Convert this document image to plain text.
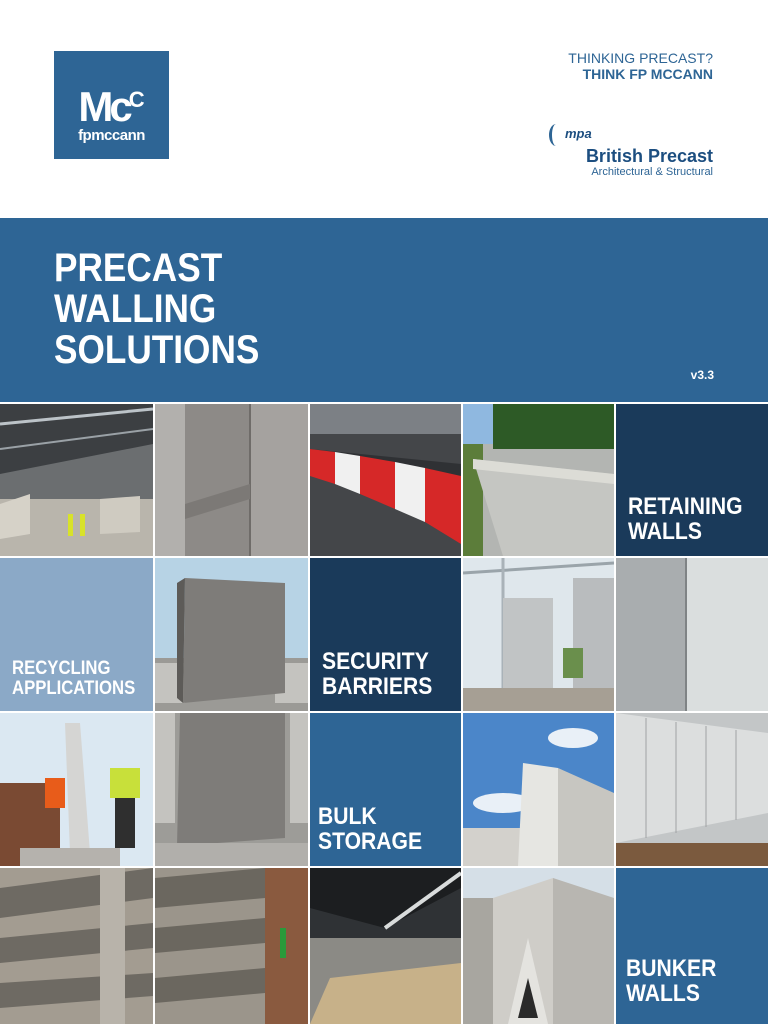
$Mc^C$
fpmccann
THINKING PRECAST?
THINK FP MCCANN
mpa
British Precast
Architectural & Structural
PRECAST
WALLING
SOLUTIONS
v3.3
RETAINING
WALLS
RECYCLING
APPLICATIONS
SECURITY
BARRIERS
BULK
STORAGE
BUNKER
WALLS
